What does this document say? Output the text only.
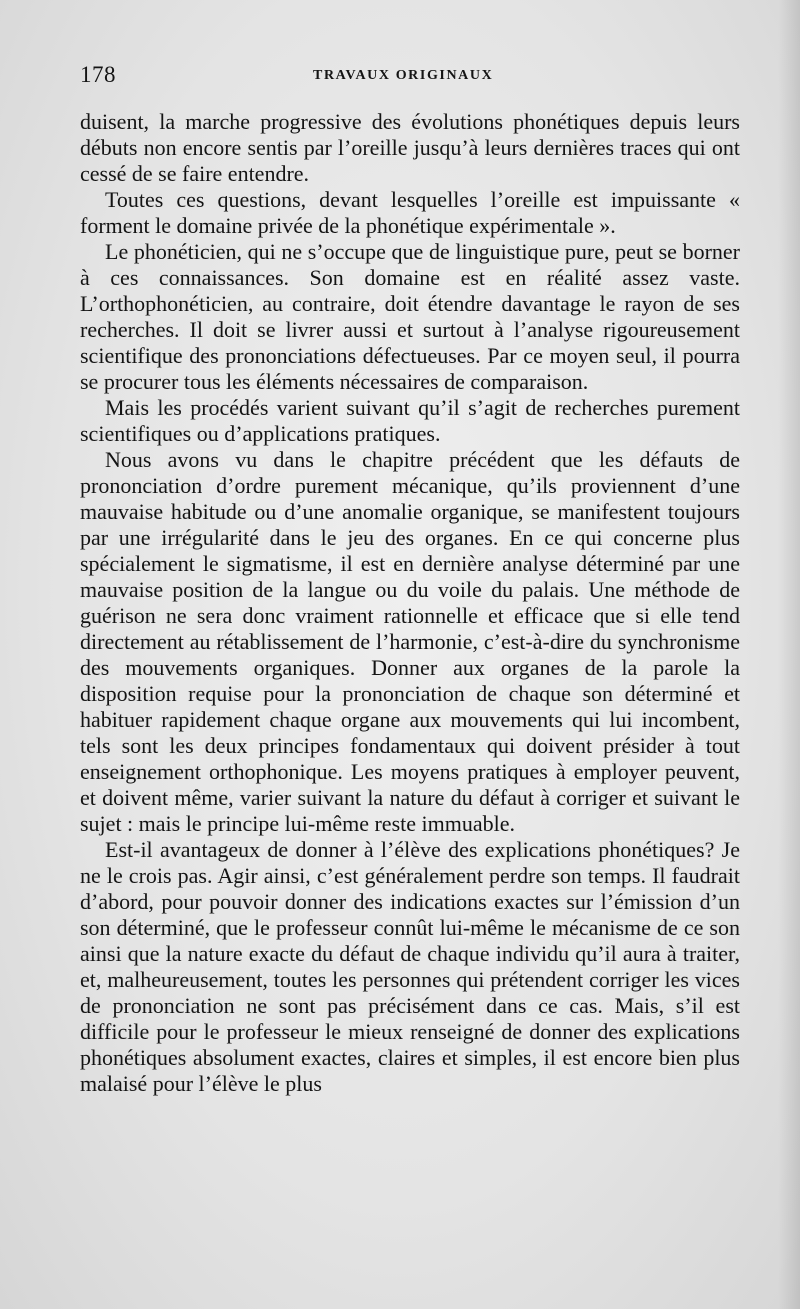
178	TRAVAUX ORIGINAUX

duisent, la marche progressive des évolutions phonétiques depuis leurs débuts non encore sentis par l’oreille jusqu’à leurs dernières traces qui ont cessé de se faire entendre.

Toutes ces questions, devant lesquelles l’oreille est impuissante « forment le domaine privée de la phonétique expérimentale ».

Le phonéticien, qui ne s’occupe que de linguistique pure, peut se borner à ces connaissances. Son domaine est en réalité assez vaste. L’orthophonéticien, au contraire, doit étendre davantage le rayon de ses recherches. Il doit se livrer aussi et surtout à l’analyse rigoureusement scientifique des prononciations défectueuses. Par ce moyen seul, il pourra se procurer tous les éléments nécessaires de comparaison.

Mais les procédés varient suivant qu’il s’agit de recherches purement scientifiques ou d’applications pratiques.

Nous avons vu dans le chapitre précédent que les défauts de prononciation d’ordre purement mécanique, qu’ils proviennent d’une mauvaise habitude ou d’une anomalie organique, se manifestent toujours par une irrégularité dans le jeu des organes. En ce qui concerne plus spécialement le sigmatisme, il est en dernière analyse déterminé par une mauvaise position de la langue ou du voile du palais. Une méthode de guérison ne sera donc vraiment rationnelle et efficace que si elle tend directement au rétablissement de l’harmonie, c’est-à-dire du synchronisme des mouvements organiques. Donner aux organes de la parole la disposition requise pour la prononciation de chaque son déterminé et habituer rapidement chaque organe aux mouvements qui lui incombent, tels sont les deux principes fondamentaux qui doivent présider à tout enseignement orthophonique. Les moyens pratiques à employer peuvent, et doivent même, varier suivant la nature du défaut à corriger et suivant le sujet : mais le principe lui-même reste immuable.

Est-il avantageux de donner à l’élève des explications phonétiques? Je ne le crois pas. Agir ainsi, c’est généralement perdre son temps. Il faudrait d’abord, pour pouvoir donner des indications exactes sur l’émission d’un son déterminé, que le professeur connût lui-même le mécanisme de ce son ainsi que la nature exacte du défaut de chaque individu qu’il aura à traiter, et, malheureusement, toutes les personnes qui prétendent corriger les vices de prononciation ne sont pas précisément dans ce cas. Mais, s’il est difficile pour le professeur le mieux renseigné de donner des explications phonétiques absolument exactes, claires et simples, il est encore bien plus malaisé pour l’élève le plus
